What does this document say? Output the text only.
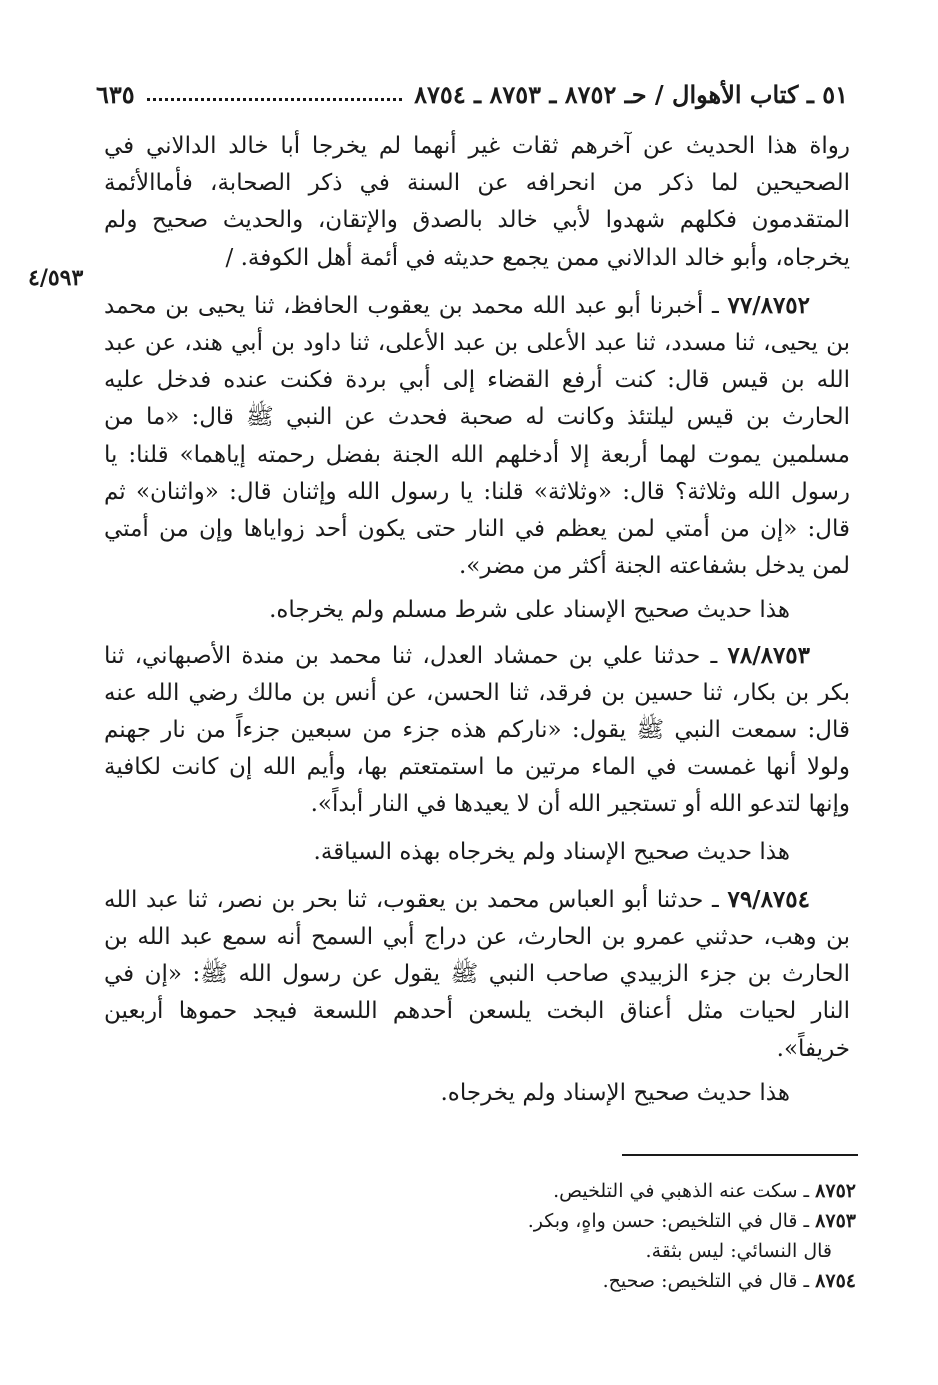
٥١ ـ كتاب الأهوال / حـ ٨٧٥٢ ـ ٨٧٥٣ ـ ٨٧٥٤
٦٣٥
٤/٥٩٣

رواة هذا الحديث عن آخرهم ثقات غير أنهما لم يخرجا أبا خالد الدالاني في الصحيحين لما ذكر من انحرافه عن السنة في ذكر الصحابة، فأماالأئمة المتقدمون فكلهم شهدوا لأبي خالد بالصدق والإتقان، والحديث صحيح ولم يخرجاه، وأبو خالد الدالاني ممن يجمع حديثه في أئمة أهل الكوفة. /

٧٧/٨٧٥٢ ـ أخبرنا أبو عبد الله محمد بن يعقوب الحافظ، ثنا يحيى بن محمد بن يحيى، ثنا مسدد، ثنا عبد الأعلى بن عبد الأعلى، ثنا داود بن أبي هند، عن عبد الله بن قيس قال: كنت أرفع القضاء إلى أبي بردة فكنت عنده فدخل عليه الحارث بن قيس ليلتئذ وكانت له صحبة فحدث عن النبي ﷺ قال: «ما من مسلمين يموت لهما أربعة إلا أدخلهم الله الجنة بفضل رحمته إياهما» قلنا: يا رسول الله وثلاثة؟ قال: «وثلاثة» قلنا: يا رسول الله وإثنان قال: «واثنان» ثم قال: «إن من أمتي لمن يعظم في النار حتى يكون أحد زواياها وإن من أمتي لمن يدخل بشفاعته الجنة أكثر من مضر».

هذا حديث صحيح الإسناد على شرط مسلم ولم يخرجاه.

٧٨/٨٧٥٣ ـ حدثنا علي بن حمشاد العدل، ثنا محمد بن مندة الأصبهاني، ثنا بكر بن بكار، ثنا حسين بن فرقد، ثنا الحسن، عن أنس بن مالك رضي الله عنه قال: سمعت النبي ﷺ يقول: «ناركم هذه جزء من سبعين جزءاً من نار جهنم ولولا أنها غمست في الماء مرتين ما استمتعتم بها، وأيم الله إن كانت لكافية وإنها لتدعو الله أو تستجير الله أن لا يعيدها في النار أبداً».

هذا حديث صحيح الإسناد ولم يخرجاه بهذه السياقة.

٧٩/٨٧٥٤ ـ حدثنا أبو العباس محمد بن يعقوب، ثنا بحر بن نصر، ثنا عبد الله بن وهب، حدثني عمرو بن الحارث، عن دراج أبي السمح أنه سمع عبد الله بن الحارث بن جزء الزبيدي صاحب النبي ﷺ يقول عن رسول الله ﷺ: «إن في النار لحيات مثل أعناق البخت يلسعن أحدهم اللسعة فيجد حموها أربعين خريفاً».

هذا حديث صحيح الإسناد ولم يخرجاه.

٨٧٥٢ ـ سكت عنه الذهبي في التلخيص.

٨٧٥٣ ـ قال في التلخيص: حسن واهٍ، وبكر.

قال النسائي: ليس بثقة.

٨٧٥٤ ـ قال في التلخيص: صحيح.
